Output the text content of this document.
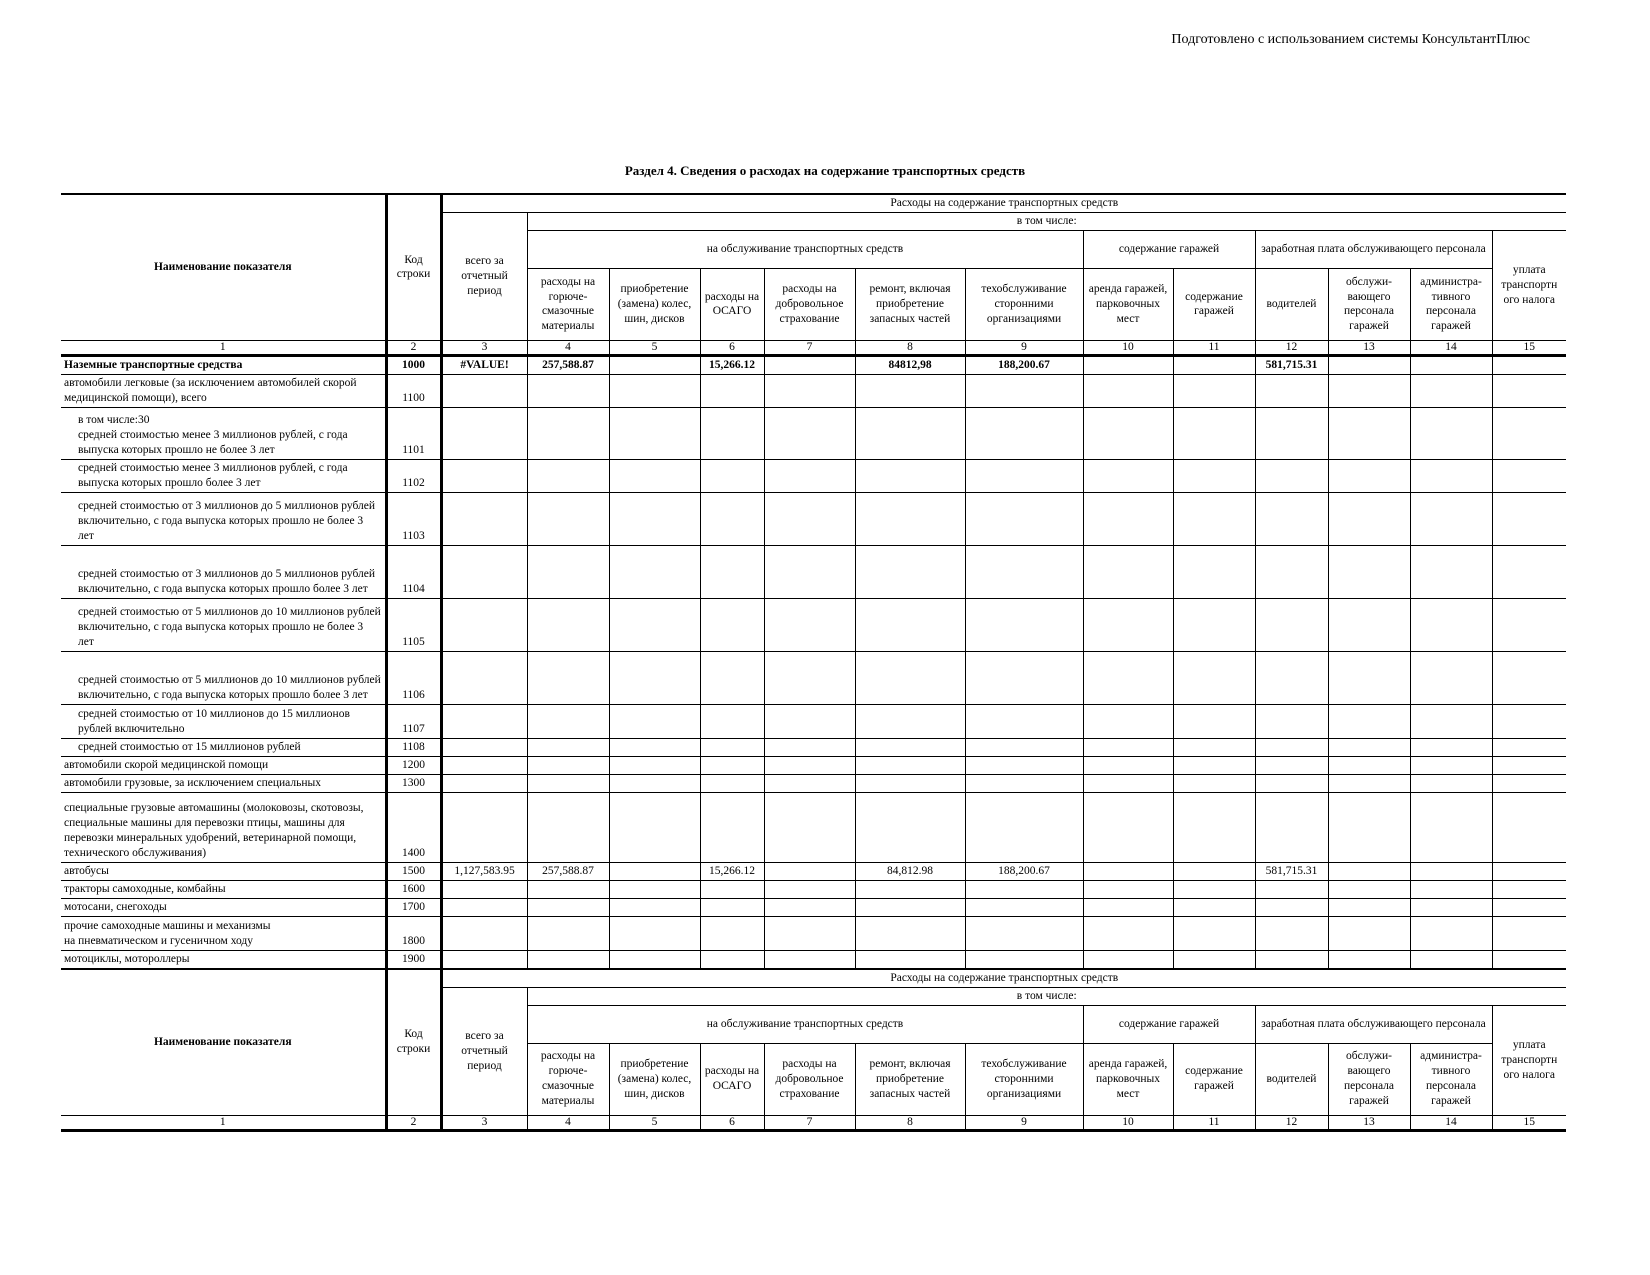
Подготовлено с использованием системы КонсультантПлюс
Раздел 4. Сведения о расходах на содержание транспортных средств
Наименование показателя	Код строки	Расходы на содержание транспортных средств												
		всего за отчетный период	в том числе:											
			на обслуживание транспортных средств						содержание гаражей		заработная плата обслуживающего персонала			уплата транспортн ого налога
			расходы на горюче-смазочные материалы	приобретение (замена) колес, шин, дисков	расходы на ОСАГО	расходы на добровольное страхование	ремонт, включая приобретение запасных частей	техобслуживание сторонними организациями	аренда гаражей, парковочных мест	содержание гаражей	водителей	обслужи-вающего персонала гаражей	администра-тивного персонала гаражей	
1	2	3	4	5	6	7	8	9	10	11	12	13	14	15
Наземные транспортные средства	1000	#VALUE!	257,588.87		15,266.12		84812,98	188,200.67			581,715.31			
автомобили легковые (за исключением автомобилей скорой медицинской помощи), всего	1100													
в том числе:30
средней стоимостью менее 3 миллионов рублей, с года выпуска которых прошло не более 3 лет	1101													
средней стоимостью менее 3 миллионов рублей, с года выпуска которых прошло более 3 лет	1102													
средней стоимостью от 3 миллионов до 5 миллионов рублей включительно, с года выпуска которых прошло не более 3 лет	1103													
средней стоимостью от 3 миллионов до 5 миллионов рублей включительно, с года выпуска которых прошло более 3 лет	1104													
средней стоимостью от 5 миллионов до 10 миллионов рублей включительно, с года выпуска которых прошло не более 3 лет	1105													
средней стоимостью от 5 миллионов до 10 миллионов рублей включительно, с года выпуска которых прошло более 3 лет	1106													
средней стоимостью от 10 миллионов до 15 миллионов рублей включительно	1107													
средней стоимостью от 15 миллионов рублей	1108													
автомобили скорой медицинской помощи	1200													
автомобили грузовые, за исключением специальных	1300													
специальные грузовые автомашины (молоковозы, скотовозы, специальные машины для перевозки птицы, машины для перевозки минеральных удобрений, ветеринарной помощи, технического обслуживания)	1400													
автобусы	1500	1,127,583.95	257,588.87		15,266.12		84,812.98	188,200.67			581,715.31			
тракторы самоходные, комбайны	1600													
мотосани, снегоходы	1700													
прочие самоходные машины и механизмы
на пневматическом и гусеничном ходу	1800													
мотоциклы, мотороллеры	1900													
Наименование показателя	Код строки	Расходы на содержание транспортных средств												
		всего за отчетный период	в том числе:											
			на обслуживание транспортных средств						содержание гаражей		заработная плата обслуживающего персонала			уплата транспортн ого налога
			расходы на горюче-смазочные материалы	приобретение (замена) колес, шин, дисков	расходы на ОСАГО	расходы на добровольное страхование	ремонт, включая приобретение запасных частей	техобслуживание сторонними организациями	аренда гаражей, парковочных мест	содержание гаражей	водителей	обслужи-вающего персонала гаражей	администра-тивного персонала гаражей	
1	2	3	4	5	6	7	8	9	10	11	12	13	14	15
